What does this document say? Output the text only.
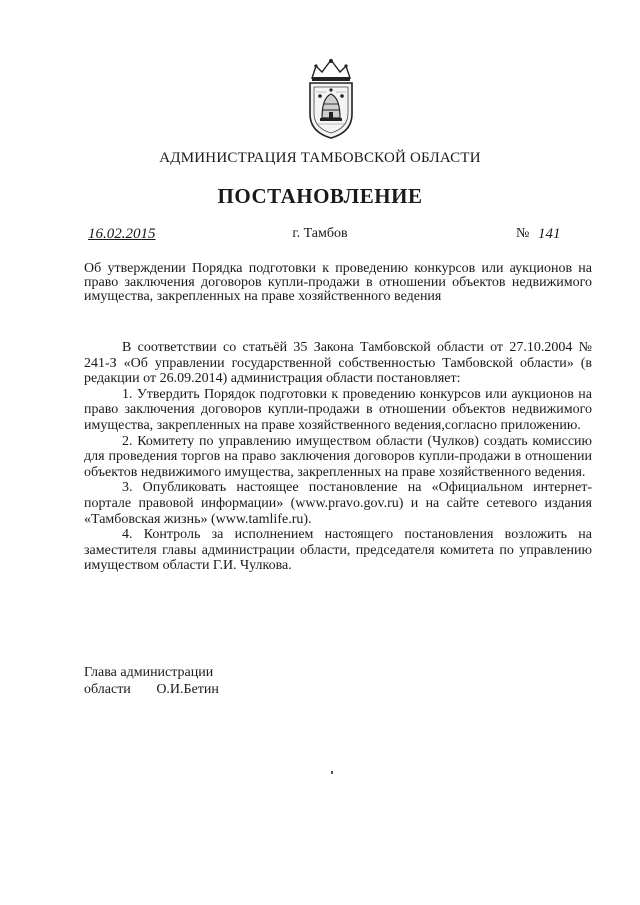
АДМИНИСТРАЦИЯ ТАМБОВСКОЙ ОБЛАСТИ
ПОСТАНОВЛЕНИЕ
16.02.2015	г. Тамбов	№ 141
Об утверждении Порядка подготовки к проведению конкурсов или аукционов на право заключения договоров купли-продажи в отношении объектов недвижимого имущества, закрепленных на праве хозяйственного ведения

В соответствии со статьёй 35 Закона Тамбовской области от 27.10.2004 № 241-З «Об управлении государственной собственностью Тамбовской области» (в редакции от 26.09.2014) администрация области постановляет:

1. Утвердить Порядок подготовки к проведению конкурсов или аукционов на право заключения договоров купли-продажи в отношении объектов недвижимого имущества, закрепленных на праве хозяйственного ведения,согласно приложению.

2. Комитету по управлению имуществом области (Чулков) создать комиссию для проведения торгов на право заключения договоров купли-продажи в отношении объектов недвижимого имущества, закрепленных на праве хозяйственного ведения.

3. Опубликовать настоящее постановление на «Официальном интернет-портале правовой информации» (www.pravo.gov.ru) и на сайте сетевого издания «Тамбовская жизнь» (www.tamlife.ru).

4. Контроль за исполнением настоящего постановления возложить на заместителя главы администрации области, председателя комитета по управлению имуществом области Г.И. Чулкова.

Глава администрации
области О.И.Бетин
